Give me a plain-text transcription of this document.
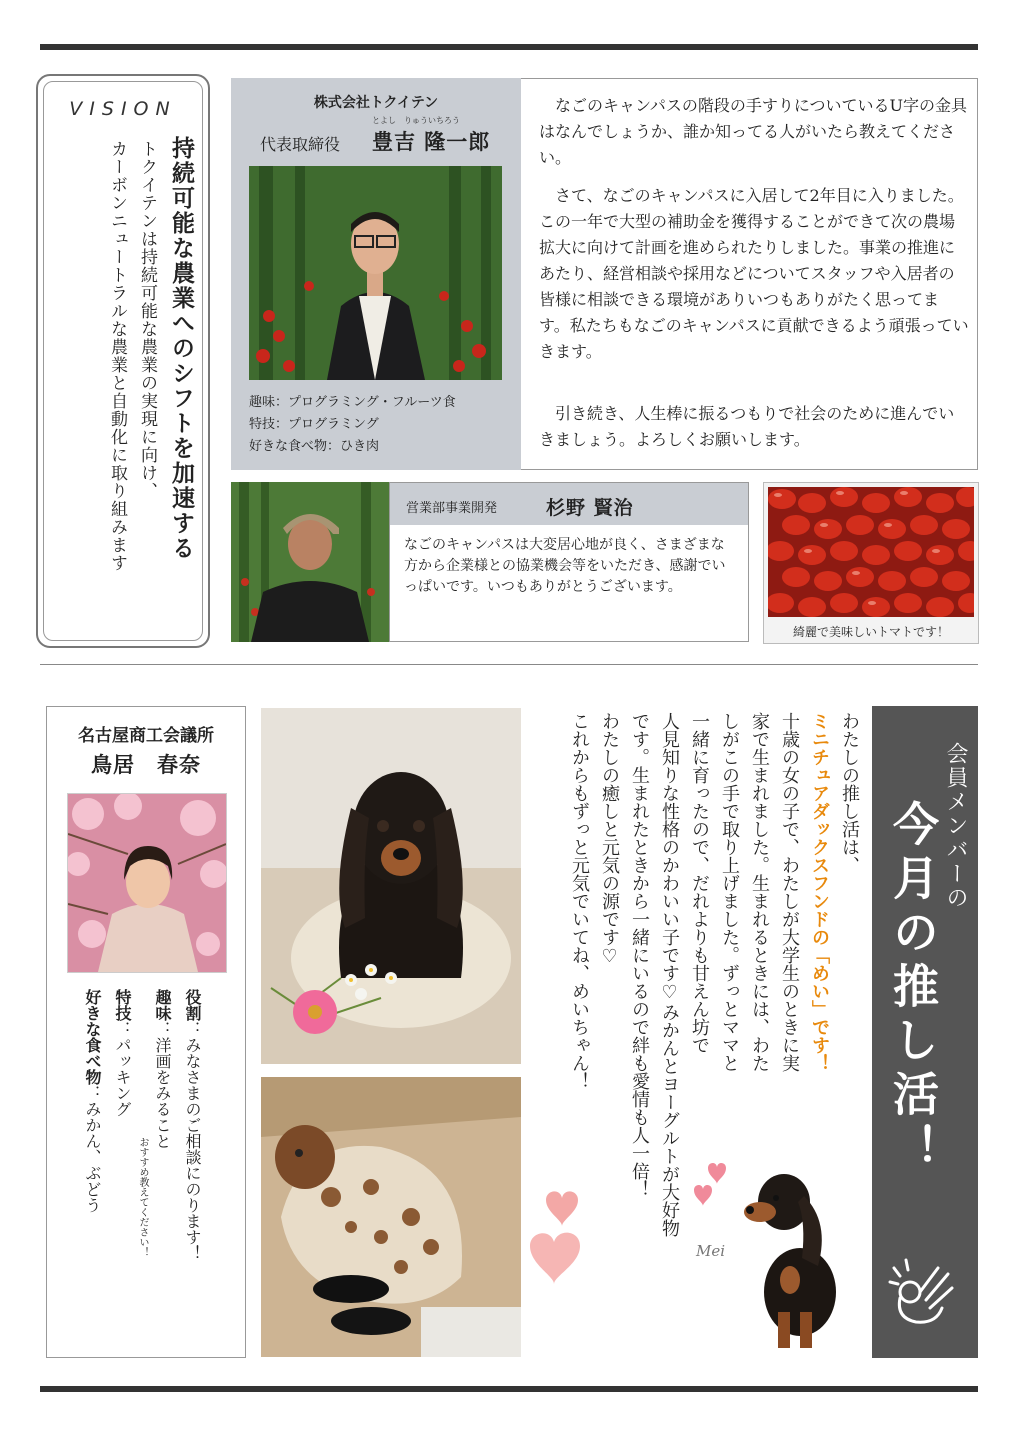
VISION
持続可能な農業へのシフトを加速する
トクイテンは持続可能な農業の実現に向け、
カーボンニュートラルな農業と自動化に取り組みます
株式会社トクイテン
とよし　りゅういちろう
代表取締役 豊吉 隆一郎
趣味：プログラミング・フルーツ食
特技：プログラミング
好きな食べ物：ひき肉
なごのキャンパスの階段の手すりについているU字の金具はなんでしょうか、誰か知ってる人がいたら教えてください。
さて、なごのキャンパスに入居して2年目に入りました。この一年で大型の補助金を獲得することができて次の農場拡大に向けて計画を進められたりしました。事業の推進にあたり、経営相談や採用などについてスタッフや入居者の皆様に相談できる環境がありいつもありがたく思ってます。私たちもなごのキャンパスに貢献できるよう頑張っていきます。
引き続き、人生棒に振るつもりで社会のために進んでいきましょう。よろしくお願いします。
営業部事業開発	杉野 賢治
なごのキャンパスは大変居心地が良く、さまざまな方から企業様との協業機会等をいただき、感謝でいっぱいです。いつもありがとうございます。
綺麗で美味しいトマトです！
名古屋商工会議所
鳥居　春奈
役割：みなさまのご相談にのります！
趣味：洋画をみること
おすすめ教えてください！
特技：パッキング
好きな食べ物：みかん、ぶどう
わたしの推し活は、
ミニチュアダックスフンドの「めい」です！
十歳の女の子で、わたしが大学生のときに実
家で生まれました。生まれるときには、わた
しがこの手で取り上げました。ずっとママと
一緒に育ったので、だれよりも甘えん坊で
人見知りな性格のかわいい子です♡みかんとヨーグルトが大好物
です。生まれたときから一緒にいるので絆も愛情も人一倍！
わたしの癒しと元気の源です♡
これからもずっと元気でいてね、めいちゃん！
Mei
会員メンバーの
今月の推し活！
